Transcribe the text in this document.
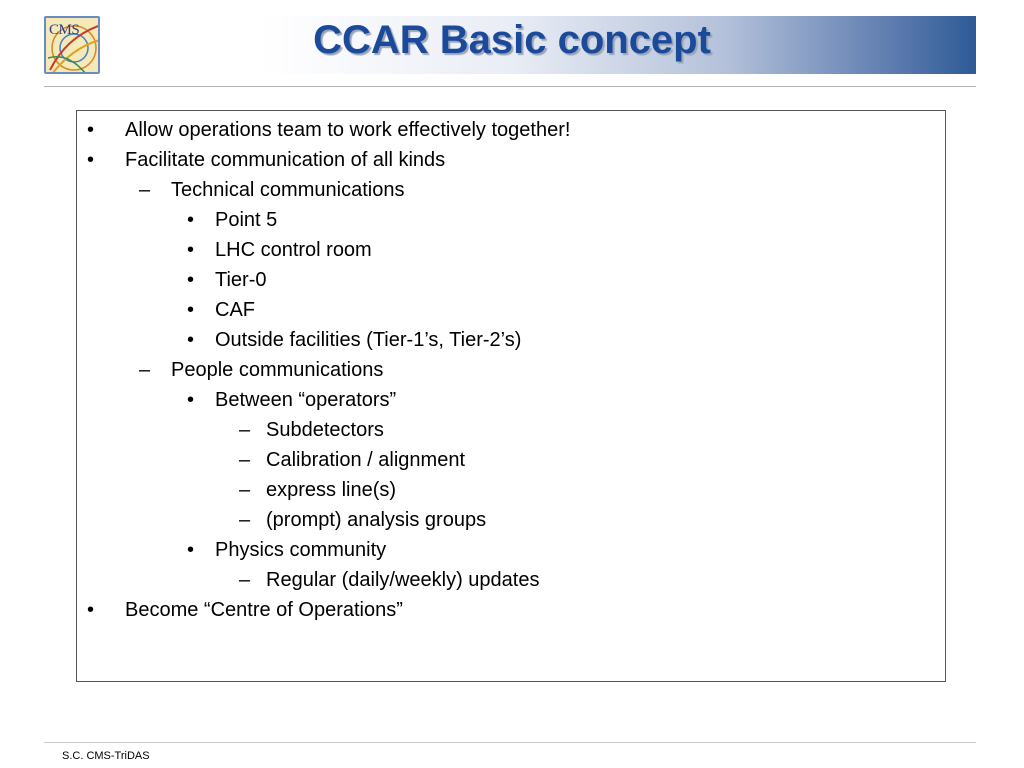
CMS	CCAR Basic concept
• Allow operations team to work effectively together!
• Facilitate communication of all kinds
– Technical communications
• Point 5
• LHC control room
• Tier-0
• CAF
• Outside facilities (Tier-1’s, Tier-2’s)
– People communications
• Between “operators”
– Subdetectors
– Calibration / alignment
– express line(s)
– (prompt) analysis groups
• Physics community
– Regular (daily/weekly) updates
• Become “Centre of Operations”
S.C. CMS-TriDAS
